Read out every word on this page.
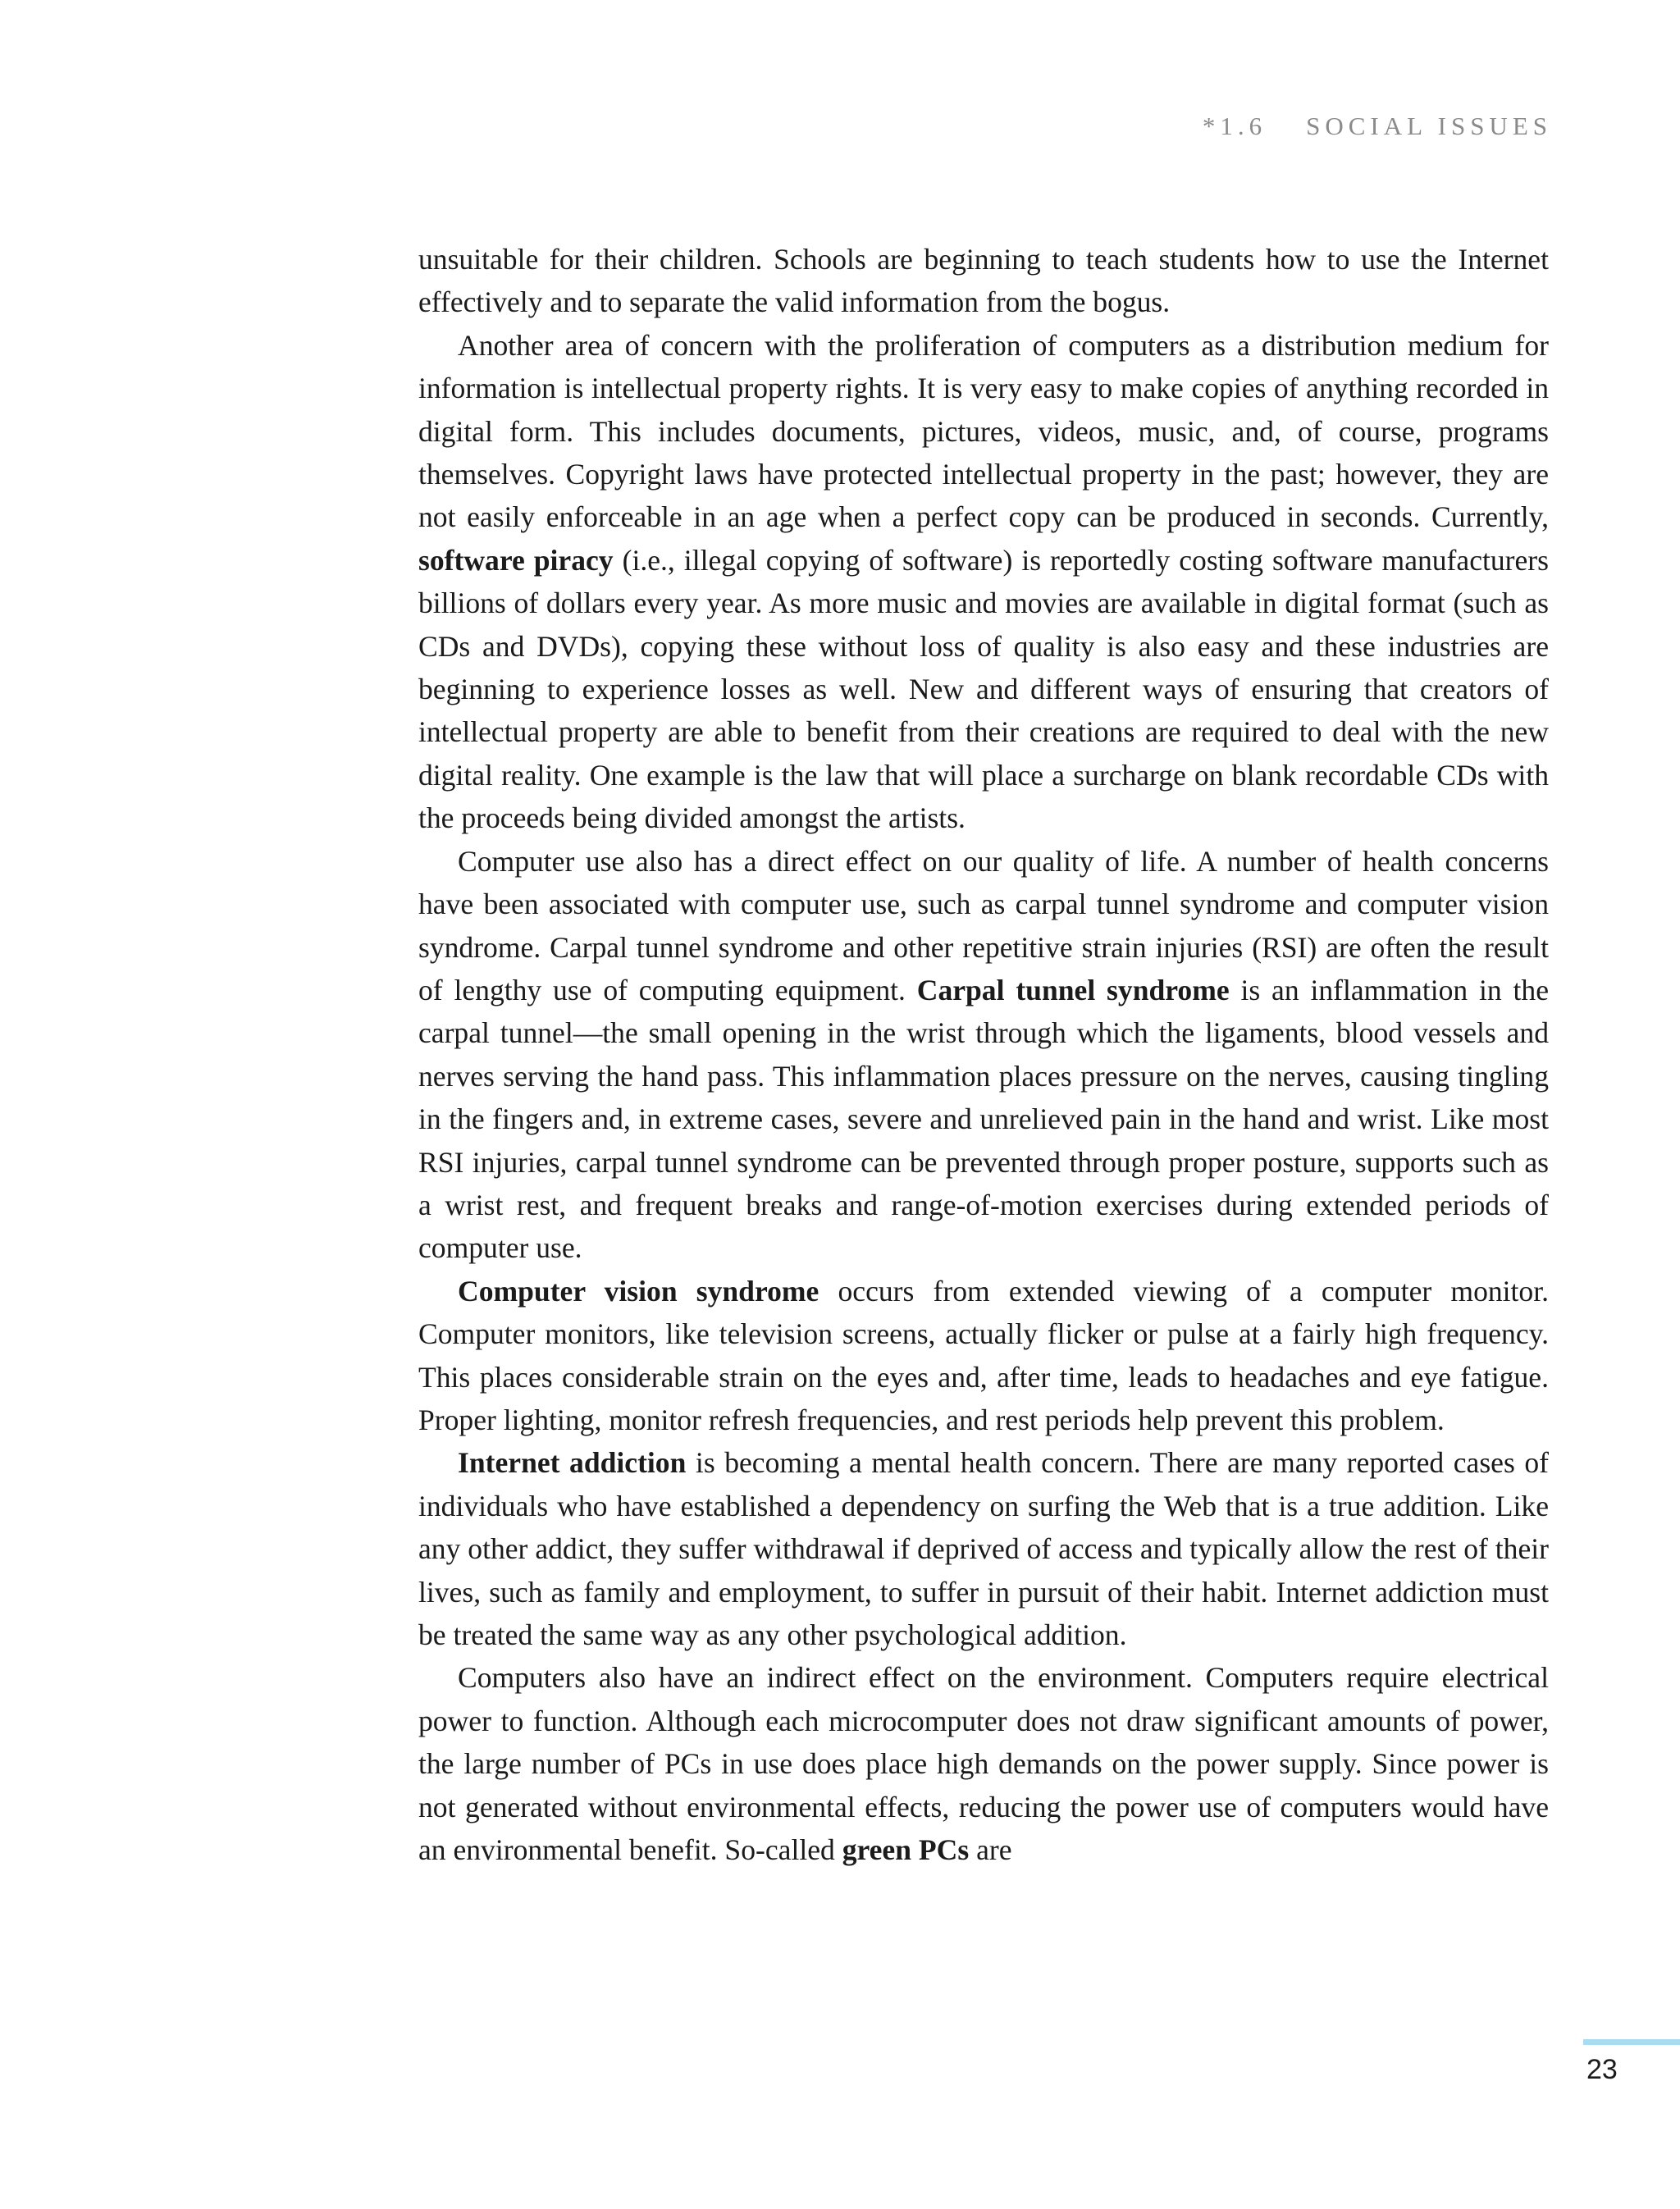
*1.6 SOCIAL ISSUES

unsuitable for their children. Schools are beginning to teach students how to use the Internet effectively and to separate the valid information from the bogus.

Another area of concern with the proliferation of computers as a distribution medium for information is intellectual property rights. It is very easy to make copies of anything recorded in digital form. This includes documents, pictures, videos, music, and, of course, programs themselves. Copyright laws have protected intellectual property in the past; however, they are not easily enforceable in an age when a perfect copy can be produced in seconds. Currently, software piracy (i.e., illegal copying of software) is reportedly costing software manufacturers billions of dollars every year. As more music and movies are available in digital format (such as CDs and DVDs), copying these without loss of quality is also easy and these industries are beginning to experience losses as well. New and different ways of ensuring that creators of intellectual property are able to benefit from their creations are required to deal with the new digital reality. One example is the law that will place a surcharge on blank recordable CDs with the proceeds being divided amongst the artists.

Computer use also has a direct effect on our quality of life. A number of health concerns have been associated with computer use, such as carpal tunnel syndrome and computer vision syndrome. Carpal tunnel syndrome and other repetitive strain injuries (RSI) are often the result of lengthy use of computing equipment. Carpal tunnel syndrome is an inflammation in the carpal tunnel—the small opening in the wrist through which the ligaments, blood vessels and nerves serving the hand pass. This inflammation places pressure on the nerves, causing tingling in the fingers and, in extreme cases, severe and unrelieved pain in the hand and wrist. Like most RSI injuries, carpal tunnel syndrome can be prevented through proper posture, supports such as a wrist rest, and frequent breaks and range-of-motion exercises during extended periods of computer use.

Computer vision syndrome occurs from extended viewing of a computer monitor. Computer monitors, like television screens, actually flicker or pulse at a fairly high frequency. This places considerable strain on the eyes and, after time, leads to headaches and eye fatigue. Proper lighting, monitor refresh frequencies, and rest periods help prevent this problem.

Internet addiction is becoming a mental health concern. There are many reported cases of individuals who have established a dependency on surfing the Web that is a true addition. Like any other addict, they suffer withdrawal if deprived of access and typically allow the rest of their lives, such as family and employment, to suffer in pursuit of their habit. Internet addiction must be treated the same way as any other psychological addition.

Computers also have an indirect effect on the environment. Computers require electrical power to function. Although each microcomputer does not draw significant amounts of power, the large number of PCs in use does place high demands on the power supply. Since power is not generated without environmental effects, reducing the power use of computers would have an environmental benefit. So-called green PCs are

23
